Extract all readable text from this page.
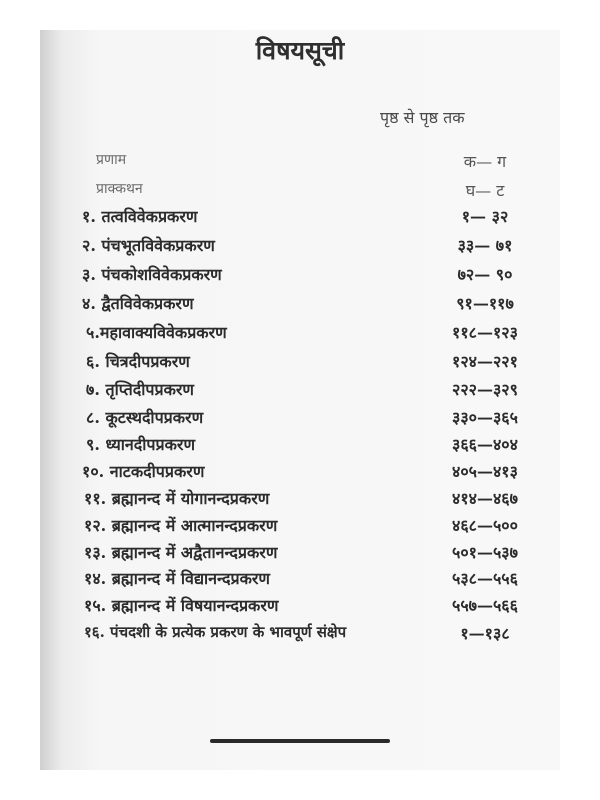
विषयसूची
पृष्ठ से पृष्ठ तक
प्रणाम	क— ग
प्राक्कथन	घ— ट
१. तत्वविवेकप्रकरण	१— ३२
२. पंचभूतविवेकप्रकरण	३३— ७१
३. पंचकोशविवेकप्रकरण	७२— ९०
४. द्वैतविवेकप्रकरण	९१—११७
५.महावाक्यविवेकप्रकरण	११८—१२३
६. चित्रदीपप्रकरण	१२४—२२१
७. तृप्तिदीपप्रकरण	२२२—३२९
८. कूटस्थदीपप्रकरण	३३०—३६५
९. ध्यानदीपप्रकरण	३६६—४०४
१०. नाटकदीपप्रकरण	४०५—४१३
११. ब्रह्मानन्द में योगानन्दप्रकरण	४१४—४६७
१२. ब्रह्मानन्द में आत्मानन्दप्रकरण	४६८—५००
१३. ब्रह्मानन्द में अद्वैतानन्दप्रकरण	५०१—५३७
१४. ब्रह्मानन्द में विद्यानन्दप्रकरण	५३८—५५६
१५. ब्रह्मानन्द में विषयानन्दप्रकरण	५५७—५६६
१६. पंचदशी के प्रत्येक प्रकरण के भावपूर्ण संक्षेप	१—१३८
